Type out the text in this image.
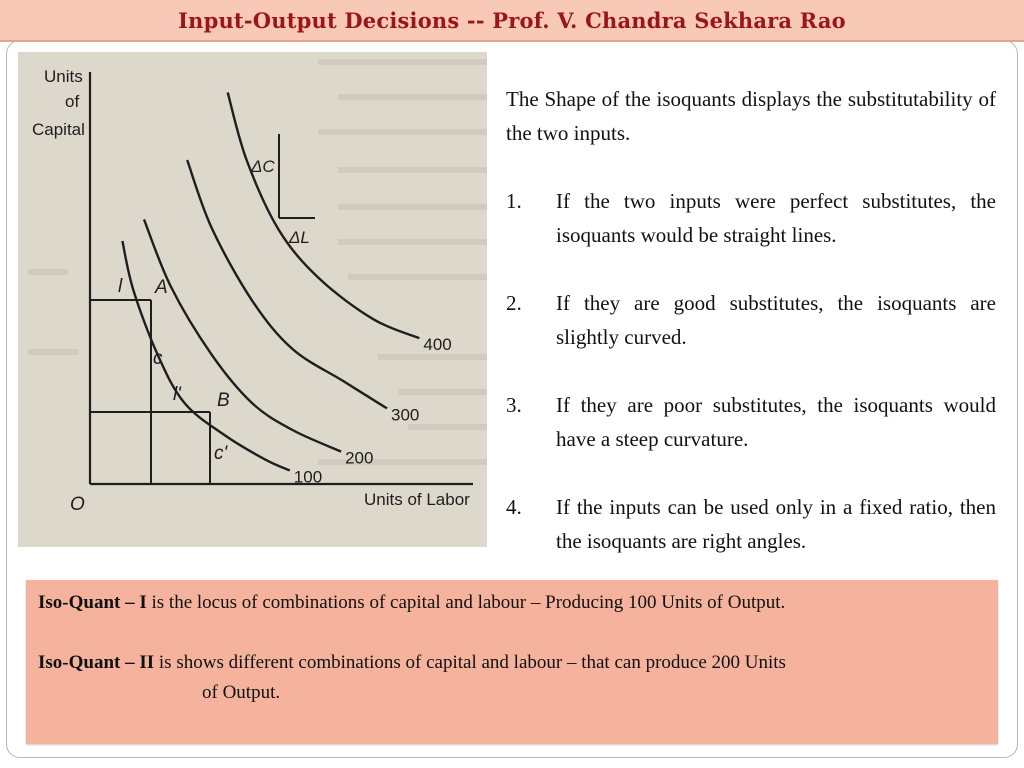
Input-Output Decisions -- Prof. V. Chandra Sekhara Rao
Units
of
Capital
Units of Labor
O
A
B
l
c
l'
c'
ΔC
ΔL
100
200
300
400

The Shape of the isoquants displays the substitutability of the two inputs.

1.	If the two inputs were perfect substitutes, the isoquants would be straight lines.
2.	If they are good substitutes, the isoquants are slightly curved.
3.	If they are poor substitutes, the isoquants would have a steep curvature.
4.	If the inputs can be used only in a fixed ratio, then the isoquants are right angles.

Iso-Quant – I is the locus of combinations of capital and labour – Producing 100 Units of Output.

Iso-Quant – II is shows different combinations of capital and labour – that can produce 200 Units

of Output.
